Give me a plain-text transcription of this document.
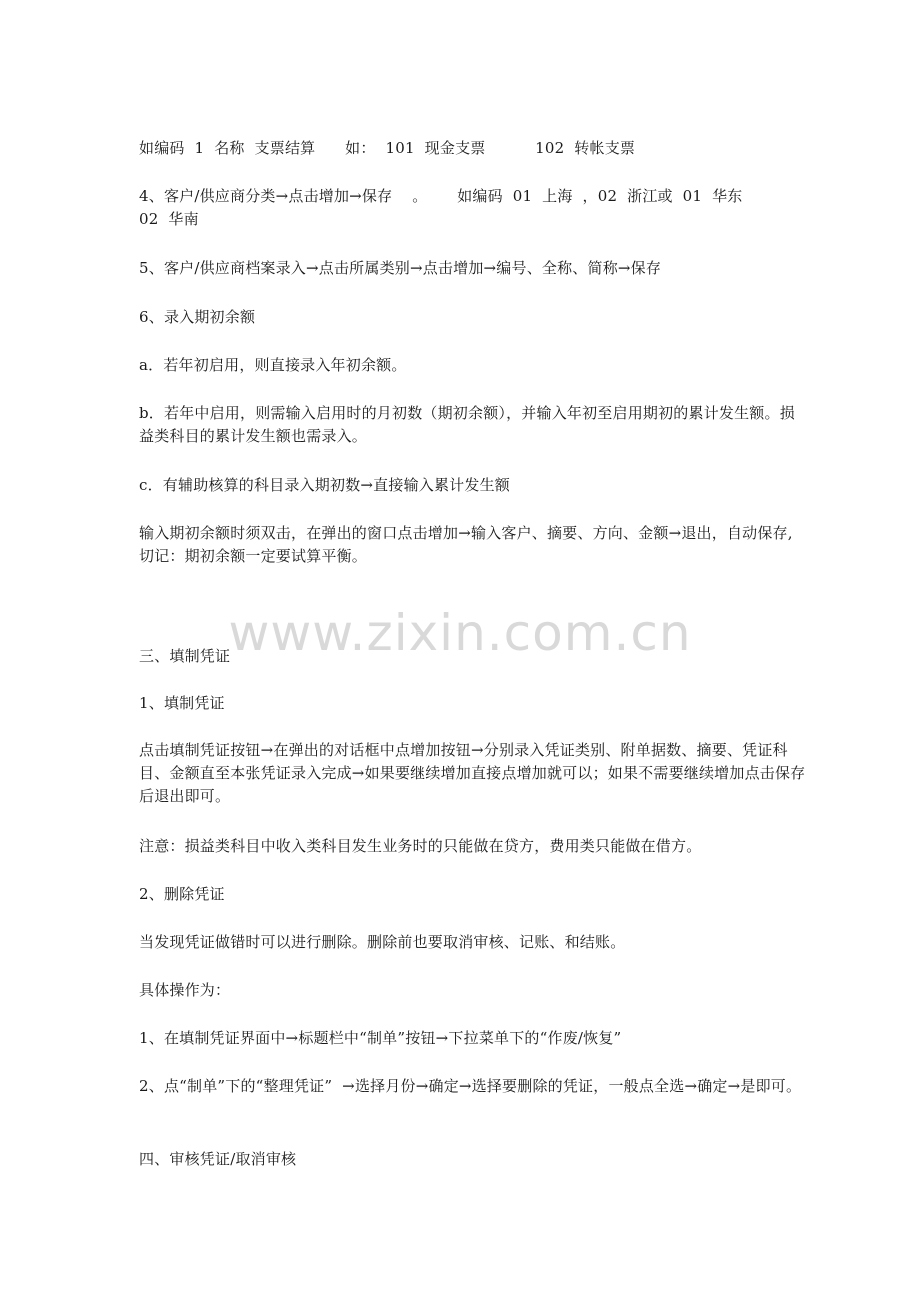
www.zixin.com.cn

如编码  1  名称  支票结算      如：  101  现金支票          102  转帐支票

4、客户/供应商分类→点击增加→保存    。      如编码  01  上海  ，02  浙江或  01  华东          02  华南

5、客户/供应商档案录入→点击所属类别→点击增加→编号、全称、简称→保存

6、录入期初余额

a．若年初启用，则直接录入年初余额。

b．若年中启用，则需输入启用时的月初数（期初余额），并输入年初至启用期初的累计发生额。损益类科目的累计发生额也需录入。

c．有辅助核算的科目录入期初数→直接输入累计发生额

输入期初余额时须双击，在弹出的窗口点击增加→输入客户、摘要、方向、金额→退出，自动保存,切记：期初余额一定要试算平衡。

三、填制凭证

1、填制凭证

点击填制凭证按钮→在弹出的对话框中点增加按钮→分别录入凭证类别、附单据数、摘要、凭证科目、金额直至本张凭证录入完成→如果要继续增加直接点增加就可以；如果不需要继续增加点击保存后退出即可。

注意：损益类科目中收入类科目发生业务时的只能做在贷方，费用类只能做在借方。

2、删除凭证

当发现凭证做错时可以进行删除。删除前也要取消审核、记账、和结账。

具体操作为：

1、在填制凭证界面中→标题栏中“制单”按钮→下拉菜单下的“作废/恢复”

2、点“制单”下的“整理凭证”  →选择月份→确定→选择要删除的凭证，一般点全选→确定→是即可。

四、审核凭证/取消审核
